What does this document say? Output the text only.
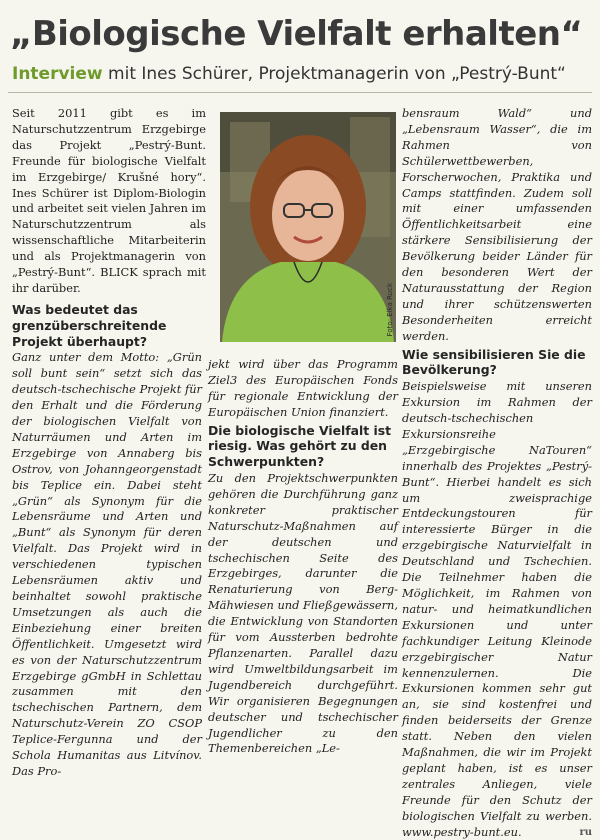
„Biologische Vielfalt erhalten“
Interview mit Ines Schürer, Projektmanagerin von „Pestrý-Bunt“

Seit 2011 gibt es im Naturschutzzentrum Erzgebirge das Projekt „Pestrý-Bunt. Freunde für biologische Vielfalt im Erzgebirge/ Krušné hory“. Ines Schürer ist Diplom-Biologin und arbeitet seit vielen Jahren im Naturschutzzentrum als wissenschaftliche Mitarbeiterin und als Projektmanagerin von „Pestrý-Bunt“. BLICK sprach mit ihr darüber.	Foto: Elka Ruck
Was bedeutet das grenzüberschreitende Projekt überhaupt?

Ganz unter dem Motto: „Grün soll bunt sein“ setzt sich das deutsch-tschechische Projekt für den Erhalt und die Förderung der biologischen Vielfalt von Naturräumen und Arten im Erzgebirge von Annaberg bis Ostrov, von Johanngeorgenstadt bis Teplice ein. Dabei steht „Grün“ als Synonym für die Lebensräume und Arten und „Bunt“ als Synonym für deren Vielfalt. Das Projekt wird in verschiedenen typischen Lebensräumen aktiv und beinhaltet sowohl praktische Umsetzungen als auch die Einbeziehung einer breiten Öffentlichkeit. Umgesetzt wird es von der Naturschutzzentrum Erzgebirge gGmbH in Schlettau zusammen mit den tschechischen Partnern, dem Naturschutz-Verein ZO CSOP Teplice-Fergunna und der Schola Humanitas aus Litvínov. Das Pro-

jekt wird über das Programm Ziel3 des Europäischen Fonds für regionale Entwicklung der Europäischen Union finanziert.

Die biologische Vielfalt ist riesig. Was gehört zu den Schwerpunkten?

Zu den Projektschwerpunkten gehören die Durchführung ganz konkreter praktischer Naturschutz-Maßnahmen auf der deutschen und tschechischen Seite des Erzgebirges, darunter die Renaturierung von Berg-Mähwiesen und Fließgewässern, die Entwicklung von Standorten für vom Aussterben bedrohte Pflanzenarten. Parallel dazu wird Umweltbildungsarbeit im Jugendbereich durchgeführt. Wir organisieren Begegnungen deutscher und tschechischer Jugendlicher zu den Themenbereichen „Le-

bensraum Wald“ und „Lebensraum Wasser“, die im Rahmen von Schülerwettbewerben, Forscherwochen, Praktika und Camps stattfinden. Zudem soll mit einer umfassenden Öffentlichkeitsarbeit eine stärkere Sensibilisierung der Bevölkerung beider Länder für den besonderen Wert der Naturausstattung der Region und ihrer schützenswerten Besonderheiten erreicht werden.

Wie sensibilisieren Sie die Bevölkerung?

Beispielsweise mit unseren Exkursion im Rahmen der deutsch-tschechischen Exkursionsreihe „Erzgebirgische NaTouren“ innerhalb des Projektes „Pestrý-Bunt“. Hierbei handelt es sich um zweisprachige Entdeckungstouren für interessierte Bürger in die erzgebirgische Naturvielfalt in Deutschland und Tschechien. Die Teilnehmer haben die Möglichkeit, im Rahmen von natur- und heimatkundlichen Exkursionen und unter fachkundiger Leitung Kleinode erzgebirgischer Natur kennenzulernen. Die Exkursionen kommen sehr gut an, sie sind kostenfrei und finden beiderseits der Grenze statt. Neben den vielen Maßnahmen, die wir im Projekt geplant haben, ist es unser zentrales Anliegen, viele Freunde für den Schutz der biologischen Vielfalt zu werben. www.pestry-bunt.eu.	ru
